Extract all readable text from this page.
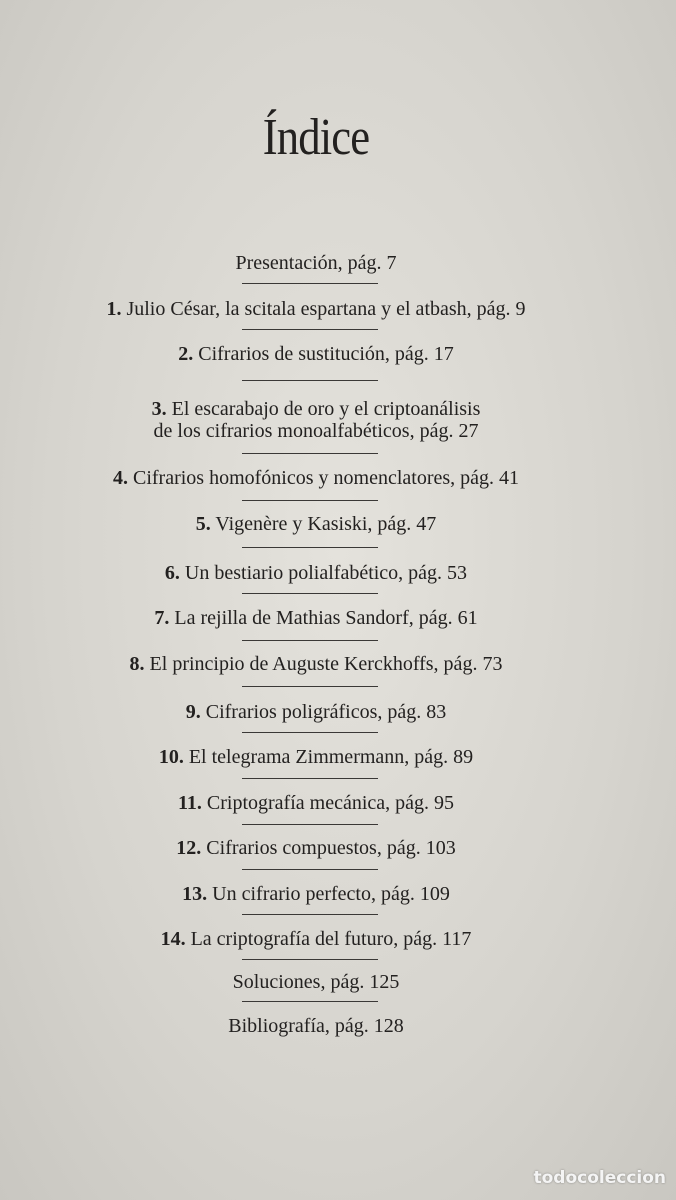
Índice
Presentación, pág. 7
1. Julio César, la scitala espartana y el atbash, pág. 9
2. Cifrarios de sustitución, pág. 17
3. El escarabajo de oro y el criptoanálisis
de los cifrarios monoalfabéticos, pág. 27
4. Cifrarios homofónicos y nomenclatores, pág. 41
5. Vigenère y Kasiski, pág. 47
6. Un bestiario polialfabético, pág. 53
7. La rejilla de Mathias Sandorf, pág. 61
8. El principio de Auguste Kerckhoffs, pág. 73
9. Cifrarios poligráficos, pág. 83
10. El telegrama Zimmermann, pág. 89
11. Criptografía mecánica, pág. 95
12. Cifrarios compuestos, pág. 103
13. Un cifrario perfecto, pág. 109
14. La criptografía del futuro, pág. 117
Soluciones, pág. 125
Bibliografía, pág. 128
todocoleccion
